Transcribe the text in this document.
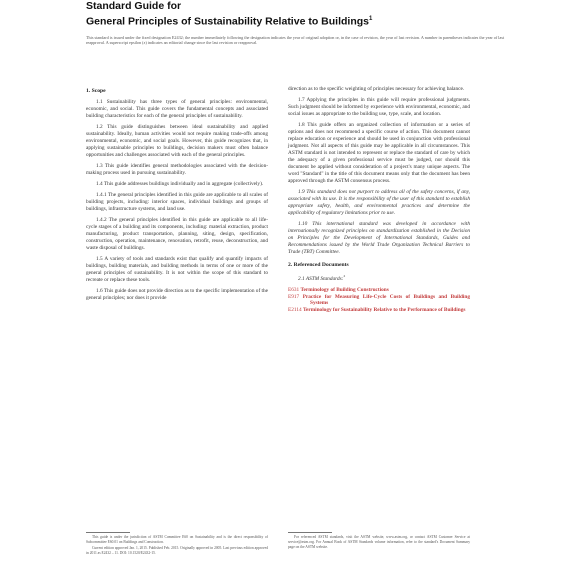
Standard Guide for
General Principles of Sustainability Relative to Buildings$^1$
This standard is issued under the fixed designation E2432; the number immediately following the designation indicates the year of original adoption or, in the case of revision, the year of last revision. A number in parentheses indicates the year of last reapproval. A superscript epsilon (ε) indicates an editorial change since the last revision or reapproval.
1. Scope

1.1 Sustainability has three types of general principles: environmental, economic, and social. This guide covers the fundamental concepts and associated building characteristics for each of the general principles of sustainability.

1.2 This guide distinguishes between ideal sustainability and applied sustainability. Ideally, human activities would not require making trade-offs among environmental, economic, and social goals. However, this guide recognizes that, in applying sustainable principles to buildings, decision makers must often balance opportunities and challenges associated with each of the general principles.

1.3 This guide identifies general methodologies associated with the decision-making process used in pursuing sustainability.

1.4 This guide addresses buildings individually and in aggregate (collectively).

1.4.1 The general principles identified in this guide are applicable to all scales of building projects, including: interior spaces, individual buildings and groups of buildings, infrastructure systems, and land use.

1.4.2 The general principles identified in this guide are applicable to all life-cycle stages of a building and its components, including: material extraction, product manufacturing, product transportation, planning, siting, design, specification, construction, operation, maintenance, renovation, retrofit, reuse, deconstruction, and waste disposal of buildings.

1.5 A variety of tools and standards exist that qualify and quantify impacts of buildings, building materials, and building methods in terms of one or more of the general principles of sustainability. It is not within the scope of this standard to recreate or replace these tools.

1.6 This guide does not provide direction as to the specific implementation of the general principles; nor does it provide

direction as to the specific weighting of principles necessary for achieving balance.

1.7 Applying the principles in this guide will require professional judgments. Such judgment should be informed by experience with environmental, economic, and social issues as appropriate to the building use, type, scale, and location.

1.8 This guide offers an organized collection of information or a series of options and does not recommend a specific course of action. This document cannot replace education or experience and should be used in conjunction with professional judgment. Not all aspects of this guide may be applicable in all circumstances. This ASTM standard is not intended to represent or replace the standard of care by which the adequacy of a given professional service must be judged, nor should this document be applied without consideration of a project's many unique aspects. The word "Standard" in the title of this document means only that the document has been approved through the ASTM consensus process.

1.9 This standard does not purport to address all of the safety concerns, if any, associated with its use. It is the responsibility of the user of this standard to establish appropriate safety, health, and environmental practices and determine the applicability of regulatory limitations prior to use.

1.10 This international standard was developed in accordance with internationally recognized principles on standardization established in the Decision on Principles for the Development of International Standards, Guides and Recommendations issued by the World Trade Organization Technical Barriers to Trade (TBT) Committee.

2. Referenced Documents

2.1 ASTM Standards:$^2$

E631 Terminology of Building Constructions
E917 Practice for Measuring Life-Cycle Costs of Buildings and Building Systems
E2114 Terminology for Sustainability Relative to the Performance of Buildings

This guide is under the jurisdiction of ASTM Committee E60 on Sustainability and is the direct responsibility of Subcommittee E60.01 on Buildings and Construction.

Current edition approved Jan. 1, 2015. Published Feb. 2015. Originally approved in 2005. Last previous edition approved in 2011 as E2432 – 11. DOI: 10.1520/E2432-15.

For referenced ASTM standards, visit the ASTM website, www.astm.org, or contact ASTM Customer Service at service@astm.org. For Annual Book of ASTM Standards volume information, refer to the standard's Document Summary page on the ASTM website.
